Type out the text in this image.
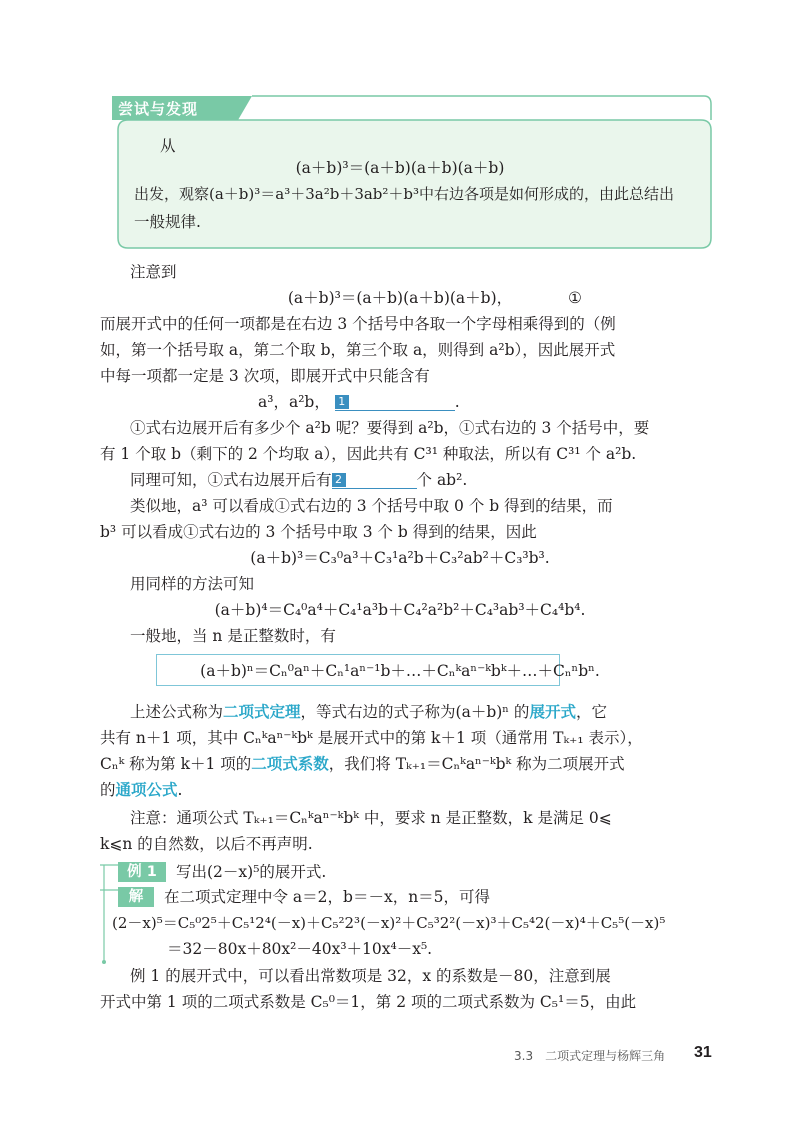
尝试与发现
从
(a＋b)³＝(a＋b)(a＋b)(a＋b)
出发，观察(a＋b)³＝a³＋3a²b＋3ab²＋b³中右边各项是如何形成的，由此总结出
一般规律.
注意到
(a＋b)³＝(a＋b)(a＋b)(a＋b)，	①
而展开式中的任何一项都是在右边 3 个括号中各取一个字母相乘得到的（例
如，第一个括号取 a，第二个取 b，第三个取 a，则得到 a²b），因此展开式
中每一项都一定是 3 次项，即展开式中只能含有
a³，a²b， 1	.
①式右边展开后有多少个 a²b 呢？要得到 a²b，①式右边的 3 个括号中，要
有 1 个取 b（剩下的 2 个均取 a），因此共有 C³¹ 种取法，所以有 C³¹ 个 a²b.
同理可知，①式右边展开后有 2	个 ab².
类似地，a³ 可以看成①式右边的 3 个括号中取 0 个 b 得到的结果，而
b³ 可以看成①式右边的 3 个括号中取 3 个 b 得到的结果，因此
(a＋b)³＝C₃⁰a³＋C₃¹a²b＋C₃²ab²＋C₃³b³.
用同样的方法可知
(a＋b)⁴＝C₄⁰a⁴＋C₄¹a³b＋C₄²a²b²＋C₄³ab³＋C₄⁴b⁴.
一般地，当 n 是正整数时，有
(a＋b)ⁿ＝Cₙ⁰aⁿ＋Cₙ¹aⁿ⁻¹b＋…＋Cₙᵏaⁿ⁻ᵏbᵏ＋…＋Cₙⁿbⁿ.
上述公式称为二项式定理，等式右边的式子称为(a＋b)ⁿ 的展开式，它
共有 n＋1 项，其中 Cₙᵏaⁿ⁻ᵏbᵏ 是展开式中的第 k＋1 项（通常用 Tₖ₊₁ 表示），
Cₙᵏ 称为第 k＋1 项的二项式系数，我们将 Tₖ₊₁＝Cₙᵏaⁿ⁻ᵏbᵏ 称为二项展开式
的通项公式.
注意：通项公式 Tₖ₊₁＝Cₙᵏaⁿ⁻ᵏbᵏ 中，要求 n 是正整数，k 是满足 0⩽
k⩽n 的自然数，以后不再声明.
例 1	写出(2－x)⁵的展开式.
解	在二项式定理中令 a＝2，b＝－x，n＝5，可得
(2－x)⁵＝C₅⁰2⁵＋C₅¹2⁴(－x)＋C₅²2³(－x)²＋C₅³2²(－x)³＋C₅⁴2(－x)⁴＋C₅⁵(－x)⁵
＝32－80x＋80x²－40x³＋10x⁴－x⁵.
例 1 的展开式中，可以看出常数项是 32，x 的系数是－80，注意到展
开式中第 1 项的二项式系数是 C₅⁰＝1，第 2 项的二项式系数为 C₅¹＝5，由此
3.3　二项式定理与杨辉三角 31
